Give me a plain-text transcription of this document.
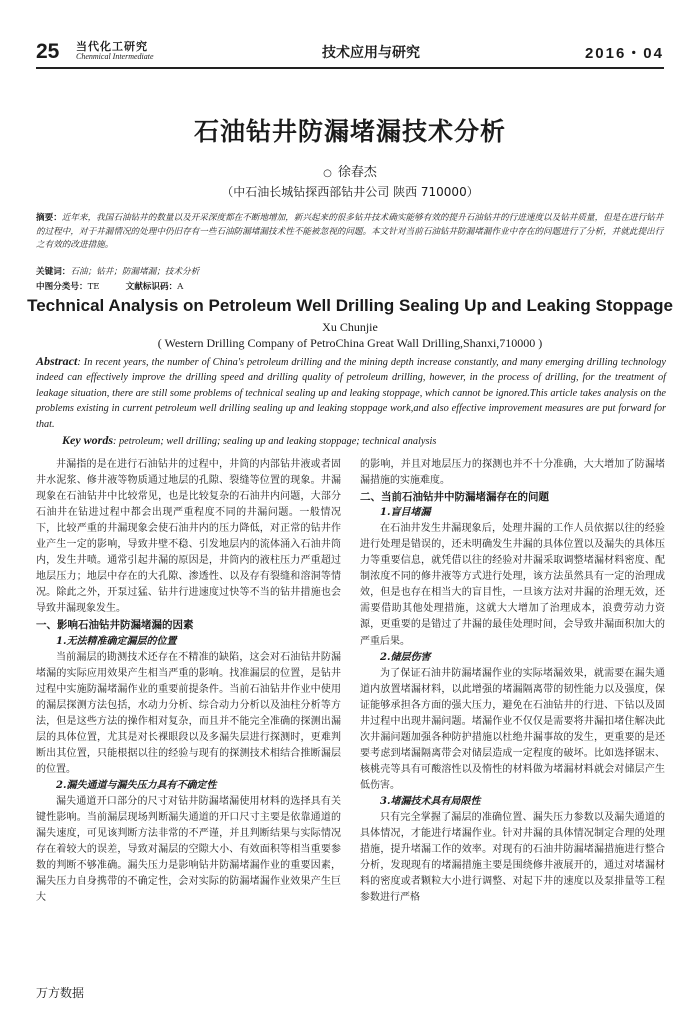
25 当代化工研究
Chenmical Intermediate	技术应用与研究	2016・04
石油钻井防漏堵漏技术分析
○ 徐春杰
（中石油长城钻探西部钻井公司 陕西 710000）
摘要：近年来，我国石油钻井的数量以及开采深度都在不断地增加，新兴起来的很多钻井技术确实能够有效的提升石油钻井的行进速度以及钻井质量，但是在进行钻井的过程中，对于井漏情况的处理中仍旧存有一些石油防漏堵漏技术性不能被忽视的问题。本文针对当前石油钻井防漏堵漏作业中存在的问题进行了分析，并就此提出行之有效的改进措施。
关键词：石油；钻井；防漏堵漏；技术分析
中图分类号：TE	文献标识码：A
Technical Analysis on Petroleum Well Drilling Sealing Up and Leaking Stoppage
Xu Chunjie
( Western Drilling Company of PetroChina Great Wall Drilling,Shanxi,710000 )
Abstract: In recent years, the number of China's petroleum drilling and the mining depth increase constantly, and many emerging drilling technology indeed can effectively improve the drilling speed and drilling quality of petroleum drilling, however, in the process of drilling, for the treatment of leakage situation, there are still some problems of technical sealing up and leaking stoppage, which cannot be ignored.This article takes analysis on the problems existing in current petroleum well drilling sealing up and leaking stoppage work,and also effective improvement measures are put forward for that.
Key words: petroleum; well drilling; sealing up and leaking stoppage; technical analysis

井漏指的是在进行石油钻井的过程中，井筒的内部钻井液或者固井水泥浆、修井液等物质通过地层的孔隙、裂缝等位置的现象。井漏现象在石油钻井中比较常见，也是比较复杂的石油井内问题，大部分石油井在钻进过程中都会出现严重程度不同的井漏问题。一般情况下，比较严重的井漏现象会使石油井内的压力降低，对正常的钻井作业产生一定的影响，导致井壁不稳、引发地层内的流体涌入石油井筒内，发生井喷。通常引起井漏的原因是，井筒内的液柱压力严重超过地层压力；地层中存在的大孔隙、渗透性、以及存有裂缝和溶洞等情况。除此之外，开泵过猛、钻井行进速度过快等不当的钻井措施也会导致井漏现象发生。

一、影响石油钻井防漏堵漏的因素
1.无法精准确定漏层的位置

当前漏层的勘测技术还存在不精准的缺陷，这会对石油钻井防漏堵漏的实际应用效果产生相当严重的影响。找准漏层的位置，是钻井过程中实施防漏堵漏作业的重要前提条件。当前石油钻井作业中使用的漏层探测方法包括，水动力分析、综合动力分析以及油柱分析等方法，但是这些方法的操作相对复杂，而且并不能完全准确的探测出漏层的具体位置，尤其是对长裸眼段以及多漏失层进行探测时，更难判断出其位置，只能根据以往的经验与现有的探测技术相结合推断漏层的位置。

2.漏失通道与漏失压力具有不确定性

漏失通道开口部分的尺寸对钻井防漏堵漏使用材料的选择具有关键性影响。当前漏层现场判断漏失通道的开口尺寸主要是依靠通道的漏失速度，可见该判断方法非常的不严谨，并且判断结果与实际情况存在着较大的误差，导致对漏层的空隙大小、有效面积等相当重要参数的判断不够准确。漏失压力是影响钻井防漏堵漏作业的重要因素，漏失压力自身携带的不确定性，会对实际的防漏堵漏作业效果产生巨大

的影响，并且对地层压力的探测也并不十分准确，大大增加了防漏堵漏措施的实施难度。

二、当前石油钻井中防漏堵漏存在的问题
1.盲目堵漏

在石油井发生井漏现象后，处理井漏的工作人员依据以往的经验进行处理是错误的，还未明确发生井漏的具体位置以及漏失的具体压力等重要信息，就凭借以往的经验对井漏采取调整堵漏材料密度、配制浓度不同的修井液等方式进行处理，该方法虽然具有一定的治理成效，但是也存在相当大的盲目性，一旦该方法对井漏的治理无效，还需要借助其他处理措施，这就大大增加了治理成本，浪费劳动力资源，更重要的是错过了井漏的最佳处理时间，会导致井漏面积加大的严重后果。

2.储层伤害

为了保证石油井防漏堵漏作业的实际堵漏效果，就需要在漏失通道内放置堵漏材料，以此增强的堵漏隔离带的韧性能力以及强度，保证能够承担各方面的强大压力，避免在石油钻井的行进、下钻以及固井过程中出现井漏问题。堵漏作业不仅仅是需要将井漏扣堵住解决此次井漏问题加强各种防护措施以杜绝井漏事故的发生，更重要的是还要考虑到堵漏隔离带会对储层造成一定程度的破坏。比如选择锯末、核桃壳等具有可酸溶性以及惰性的材料做为堵漏材料就会对储层产生低伤害。

3.堵漏技术具有局限性

只有完全掌握了漏层的准确位置、漏失压力参数以及漏失通道的具体情况，才能进行堵漏作业。针对井漏的具体情况制定合理的处理措施，提升堵漏工作的效率。对现有的石油井防漏堵漏措施进行整合分析，发现现有的堵漏措施主要是围绕修井液展开的，通过对堵漏材料的密度或者颗粒大小进行调整、对起下井的速度以及泵排量等工程参数进行严格

万方数据
